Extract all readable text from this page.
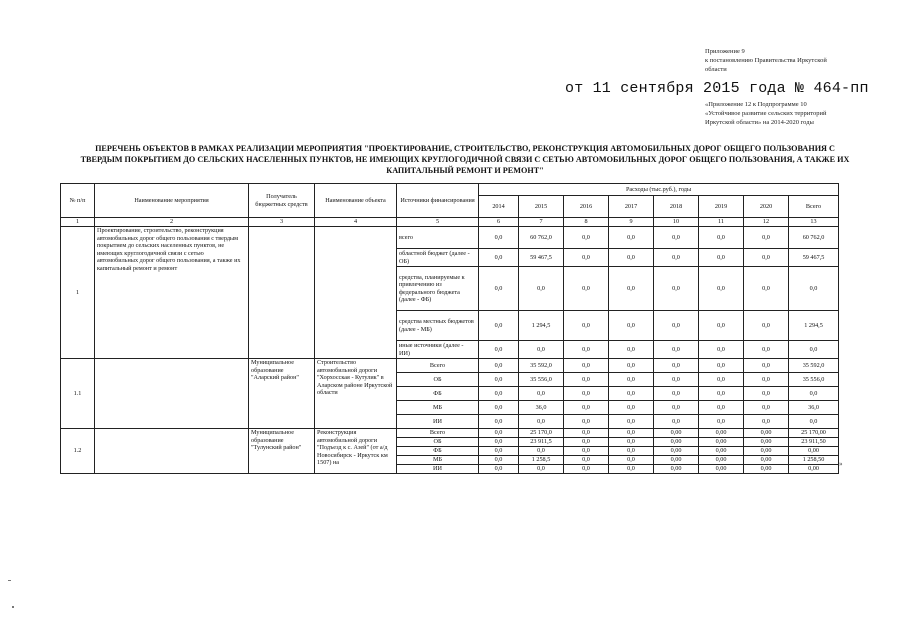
Приложение 9
к постановлению Правительства Иркутской
области
от 11 сентября 2015 года № 464-пп
«Приложение 12 к Подпрограмме 10
«Устойчивое развитие сельских территорий
Иркутской области» на 2014-2020 годы
ПЕРЕЧЕНЬ ОБЪЕКТОВ В РАМКАХ РЕАЛИЗАЦИИ МЕРОПРИЯТИЯ "ПРОЕКТИРОВАНИЕ, СТРОИТЕЛЬСТВО, РЕКОНСТРУКЦИЯ АВТОМОБИЛЬНЫХ ДОРОГ ОБЩЕГО ПОЛЬЗОВАНИЯ С ТВЕРДЫМ ПОКРЫТИЕМ ДО СЕЛЬСКИХ НАСЕЛЕННЫХ ПУНКТОВ, НЕ ИМЕЮЩИХ КРУГЛОГОДИЧНОЙ СВЯЗИ С СЕТЬЮ АВТОМОБИЛЬНЫХ ДОРОГ ОБЩЕГО ПОЛЬЗОВАНИЯ, А ТАКЖЕ ИХ КАПИТАЛЬНЫЙ РЕМОНТ И РЕМОНТ"
№ п/п	Наименование мероприятия	Получатель бюджетных средств	Наименование объекта	Источники финансирования	Расходы (тыс.руб.), годы							
					2014	2015	2016	2017	2018	2019	2020	Всего
1	2	3	4	5	6	7	8	9	10	11	12	13
1	Проектирование, строительство, реконструкция автомобильных дорог общего пользования с твердым покрытием до сельских населенных пунктов, не имеющих круглогодичной связи с сетью автомобильных дорог общего пользования, а также их капитальный ремонт и ремонт			всего	0,0	60 762,0	0,0	0,0	0,0	0,0	0,0	60 762,0
				областной бюджет (далее - ОБ)	0,0	59 467,5	0,0	0,0	0,0	0,0	0,0	59 467,5
				средства, планируемые к привлечению из федерального бюджета (далее - ФБ)	0,0	0,0	0,0	0,0	0,0	0,0	0,0	0,0
				средства местных бюджетов (далее - МБ)	0,0	1 294,5	0,0	0,0	0,0	0,0	0,0	1 294,5
				иные источники (далее - ИИ)	0,0	0,0	0,0	0,0	0,0	0,0	0,0	0,0
1.1		Муниципальное образование "Аларский район"	Строительство автомобильной дороги "Хорхосская - Кутулик" в Аларском районе Иркутской области	Всего	0,0	35 592,0	0,0	0,0	0,0	0,0	0,0	35 592,0
				ОБ	0,0	35 556,0	0,0	0,0	0,0	0,0	0,0	35 556,0
				ФБ	0,0	0,0	0,0	0,0	0,0	0,0	0,0	0,0
				МБ	0,0	36,0	0,0	0,0	0,0	0,0	0,0	36,0
				ИИ	0,0	0,0	0,0	0,0	0,0	0,0	0,0	0,0
1.2		Муниципальное образование "Тулунский район"	Реконструкция автомобильной дороги "Подъезд к с. Азей" (от а/д Новосибирск - Иркутск км 1507) на	Всего	0,0	25 170,0	0,0	0,0	0,00	0,00	0,00	25 170,00
				ОБ	0,0	23 911,5	0,0	0,0	0,00	0,00	0,00	23 911,50
				ФБ	0,0	0,0	0,0	0,0	0,00	0,00	0,00	0,00
				МБ	0,0	1 258,5	0,0	0,0	0,00	0,00	0,00	1 258,50
				ИИ	0,0	0,0	0,0	0,0	0,00	0,00	0,00	0,00
»
